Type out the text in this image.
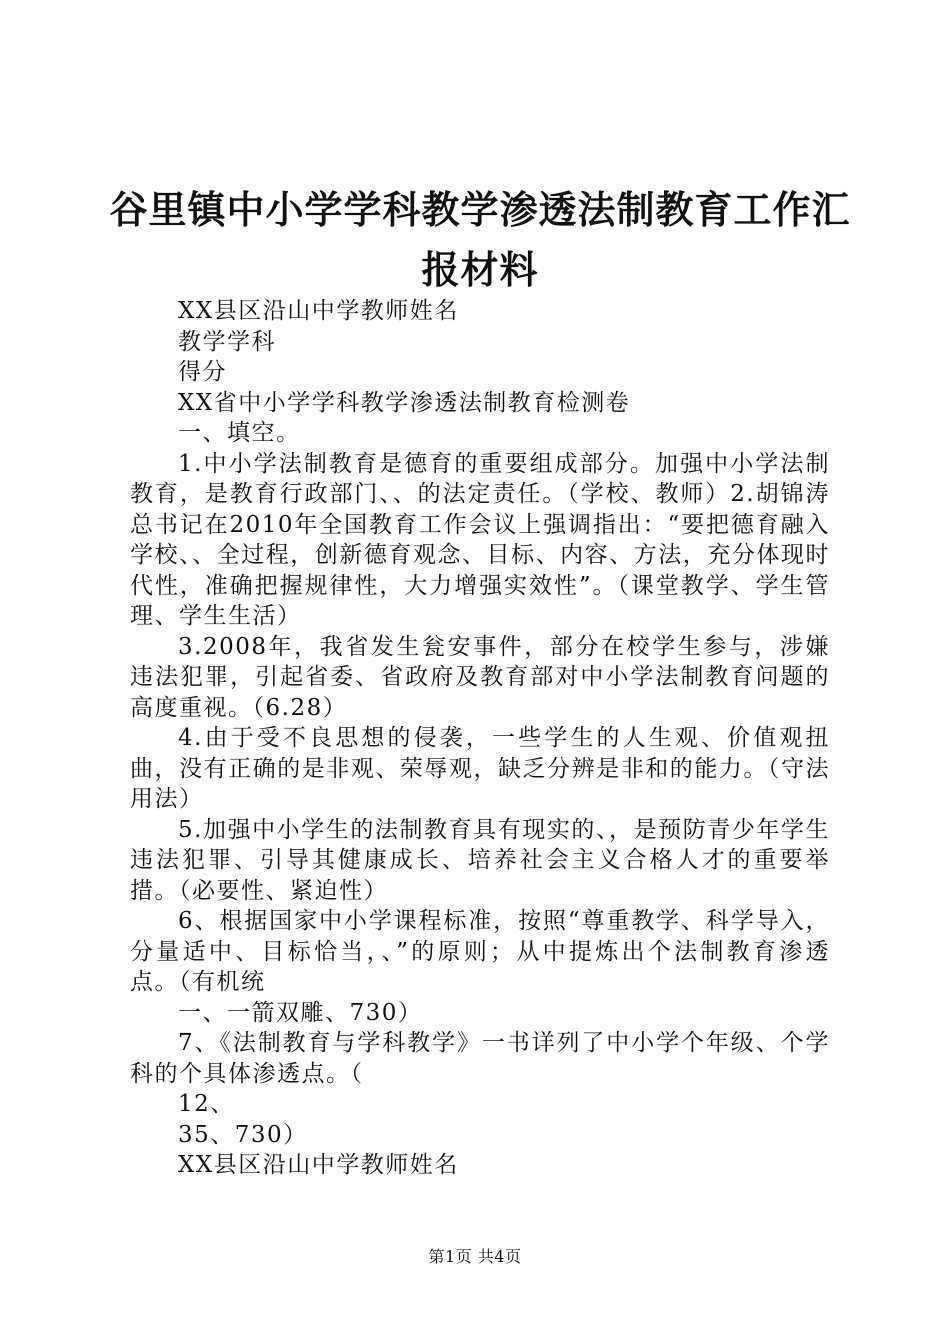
谷里镇中小学学科教学渗透法制教育工作汇报材料

XX县区沿山中学教师姓名

教学学科

得分

XX省中小学学科教学渗透法制教育检测卷

一、填空。

1.中小学法制教育是德育的重要组成部分。加强中小学法制教育，是教育行政部门、、的法定责任。（学校、教师）2.胡锦涛总书记在2010年全国教育工作会议上强调指出：“要把德育融入学校、、全过程，创新德育观念、目标、内容、方法，充分体现时代性，准确把握规律性，大力增强实效性”。（课堂教学、学生管理、学生生活）

3.2008年，我省发生瓮安事件，部分在校学生参与，涉嫌违法犯罪，引起省委、省政府及教育部对中小学法制教育问题的高度重视。（6.28）

4.由于受不良思想的侵袭，一些学生的人生观、价值观扭曲，没有正确的是非观、荣辱观，缺乏分辨是非和的能力。（守法用法）

5.加强中小学生的法制教育具有现实的、，是预防青少年学生违法犯罪、引导其健康成长、培养社会主义合格人才的重要举措。（必要性、紧迫性）

6、根据国家中小学课程标准，按照“尊重教学、科学导入，分量适中、目标恰当，、”的原则；从中提炼出个法制教育渗透点。（有机统

一、一箭双雕、730）

7、《法制教育与学科教学》一书详列了中小学个年级、个学科的个具体渗透点。（

12、

35、730）

XX县区沿山中学教师姓名

第1页 共4页
